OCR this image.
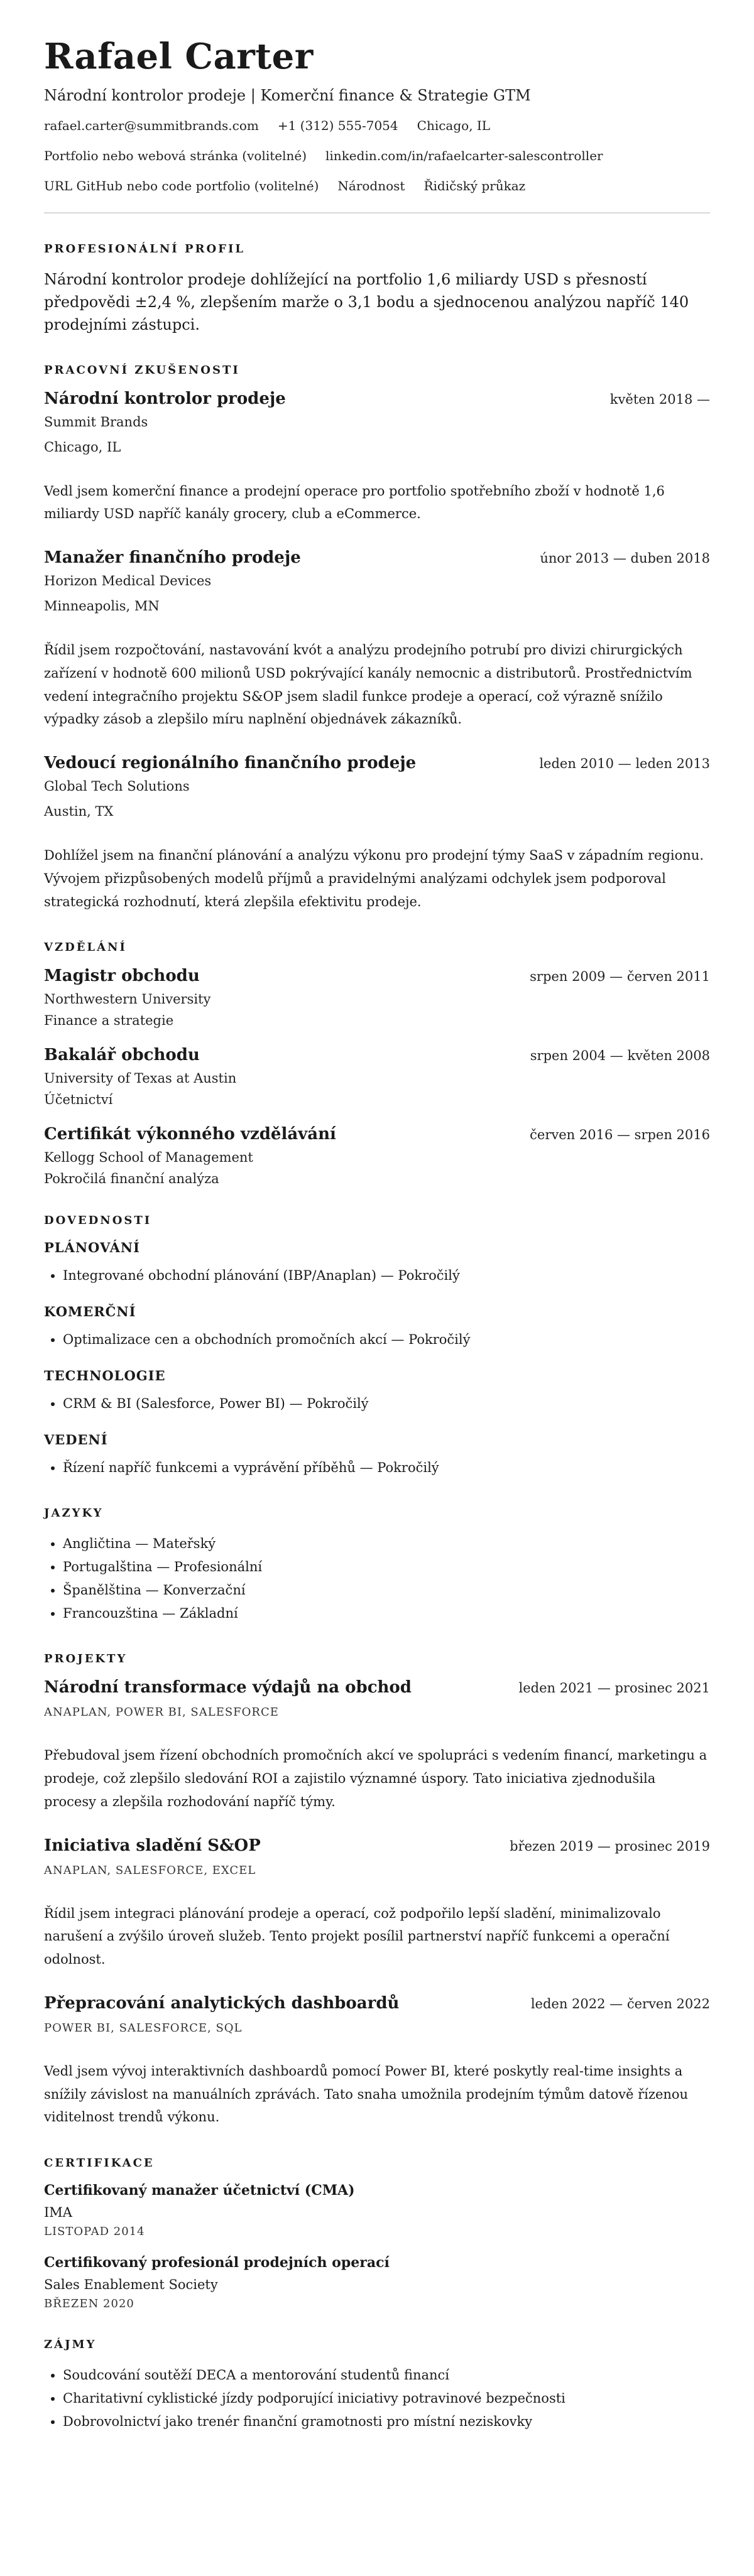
Rafael Carter
Národní kontrolor prodeje | Komerční finance & Strategie GTM
rafael.carter@summitbrands.com +1 (312) 555-7054 Chicago, IL
Portfolio nebo webová stránka (volitelné) linkedin.com/in/rafaelcarter-salescontroller
URL GitHub nebo code portfolio (volitelné) Národnost Řidičský průkaz
PROFESIONÁLNÍ PROFIL

Národní kontrolor prodeje dohlížející na portfolio 1,6 miliardy USD s přesností předpovědi ±2,4 %, zlepšením marže o 3,1 bodu a sjednocenou analýzou napříč 140 prodejními zástupci.

PRACOVNÍ ZKUŠENOSTI
Národní kontrolor prodeje	květen 2018 —
Summit Brands
Chicago, IL
Vedl jsem komerční finance a prodejní operace pro portfolio spotřebního zboží v hodnotě 1,6 miliardy USD napříč kanály grocery, club a eCommerce.
Manažer finančního prodeje	únor 2013 — duben 2018
Horizon Medical Devices
Minneapolis, MN
Řídil jsem rozpočtování, nastavování kvót a analýzu prodejního potrubí pro divizi chirurgických zařízení v hodnotě 600 milionů USD pokrývající kanály nemocnic a distributorů. Prostřednictvím vedení integračního projektu S&OP jsem sladil funkce prodeje a operací, což výrazně snížilo výpadky zásob a zlepšilo míru naplnění objednávek zákazníků.
Vedoucí regionálního finančního prodeje	leden 2010 — leden 2013
Global Tech Solutions
Austin, TX
Dohlížel jsem na finanční plánování a analýzu výkonu pro prodejní týmy SaaS v západním regionu. Vývojem přizpůsobených modelů příjmů a pravidelnými analýzami odchylek jsem podporoval strategická rozhodnutí, která zlepšila efektivitu prodeje.
VZDĚLÁNÍ
Magistr obchodu	srpen 2009 — červen 2011
Northwestern University
Finance a strategie
Bakalář obchodu	srpen 2004 — květen 2008
University of Texas at Austin
Účetnictví
Certifikát výkonného vzdělávání	červen 2016 — srpen 2016
Kellogg School of Management
Pokročilá finanční analýza
DOVEDNOSTI
PLÁNOVÁNÍ
• Integrované obchodní plánování (IBP/Anaplan) — Pokročilý
KOMERČNÍ
• Optimalizace cen a obchodních promočních akcí — Pokročilý
TECHNOLOGIE
• CRM & BI (Salesforce, Power BI) — Pokročilý
VEDENÍ
• Řízení napříč funkcemi a vyprávění příběhů — Pokročilý
JAZYKY
• Angličtina — Mateřský
• Portugalština — Profesionální
• Španělština — Konverzační
• Francouzština — Základní
PROJEKTY
Národní transformace výdajů na obchod	leden 2021 — prosinec 2021
ANAPLAN, POWER BI, SALESFORCE
Přebudoval jsem řízení obchodních promočních akcí ve spolupráci s vedením financí, marketingu a prodeje, což zlepšilo sledování ROI a zajistilo významné úspory. Tato iniciativa zjednodušila procesy a zlepšila rozhodování napříč týmy.
Iniciativa sladění S&OP	březen 2019 — prosinec 2019
ANAPLAN, SALESFORCE, EXCEL
Řídil jsem integraci plánování prodeje a operací, což podpořilo lepší sladění, minimalizovalo narušení a zvýšilo úroveň služeb. Tento projekt posílil partnerství napříč funkcemi a operační odolnost.
Přepracování analytických dashboardů	leden 2022 — červen 2022
POWER BI, SALESFORCE, SQL
Vedl jsem vývoj interaktivních dashboardů pomocí Power BI, které poskytly real-time insights a snížily závislost na manuálních zprávách. Tato snaha umožnila prodejním týmům datově řízenou viditelnost trendů výkonu.
CERTIFIKACE
Certifikovaný manažer účetnictví (CMA)
IMA
LISTOPAD 2014
Certifikovaný profesionál prodejních operací
Sales Enablement Society
BŘEZEN 2020
ZÁJMY
• Soudcování soutěží DECA a mentorování studentů financí
• Charitativní cyklistické jízdy podporující iniciativy potravinové bezpečnosti
• Dobrovolnictví jako trenér finanční gramotnosti pro místní neziskovky
